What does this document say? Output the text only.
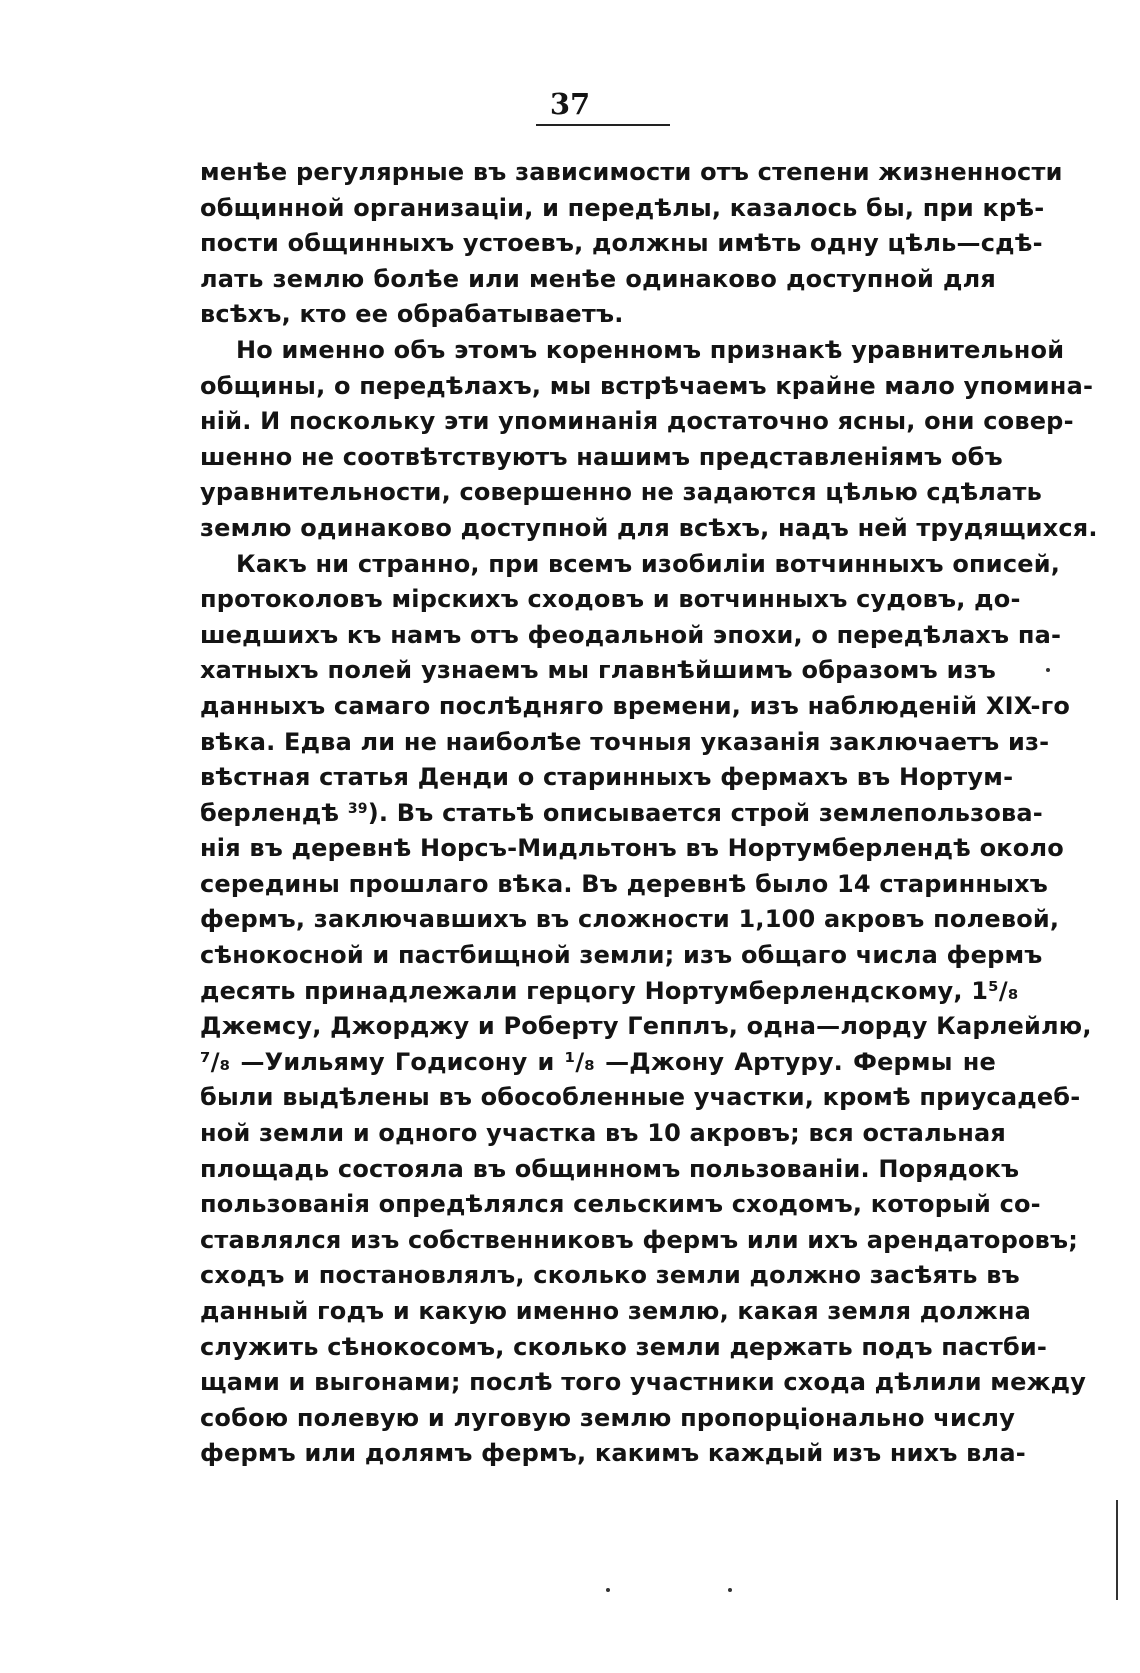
37
менѣе регулярные въ зависимости отъ степени жизненности
общинной организацiи, и передѣлы, казалось бы, при крѣ-
пости общинныхъ устоевъ, должны имѣть одну цѣль—сдѣ-
лать землю болѣе или менѣе одинаково доступной для
всѣхъ, кто ее обрабатываетъ.
Но именно объ этомъ коренномъ признакѣ уравнительной
общины, о передѣлахъ, мы встрѣчаемъ крайне мало упомина-
нiй. И поскольку эти упоминанiя достаточно ясны, они совер-
шенно не соотвѣтствуютъ нашимъ представленiямъ объ
уравнительности, совершенно не задаются цѣлью сдѣлать
землю одинаково доступной для всѣхъ, надъ ней трудящихся.
Какъ ни странно, при всемъ изобилiи вотчинныхъ описей,
протоколовъ мiрскихъ сходовъ и вотчинныхъ судовъ, до-
шедшихъ къ намъ отъ феодальной эпохи, о передѣлахъ па-
хатныхъ полей узнаемъ мы главнѣйшимъ образомъ изъ
данныхъ самаго послѣдняго времени, изъ наблюденiй XIX-го
вѣка. Едва ли не наиболѣе точныя указанiя заключаетъ из-
вѣстная статья Денди о старинныхъ фермахъ въ Нортум-
берлендѣ $^{39}$). Въ статьѣ описывается строй землепользова-
нiя въ деревнѣ Норсъ-Мидльтонъ въ Нортумберлендѣ около
середины прошлаго вѣка. Въ деревнѣ было 14 старинныхъ
фермъ, заключавшихъ въ сложности 1,100 акровъ полевой,
сѣнокосной и пастбищной земли; изъ общаго числа фермъ
десять принадлежали герцогу Нортумберлендскому, 1⁵/₈
Джемсу, Джорджу и Роберту Гепплъ, одна—лорду Карлейлю,
⁷/₈ —Уильяму Годисону и ¹/₈ —Джону Артуру. Фермы не
были выдѣлены въ обособленные участки, кромѣ приусадеб-
ной земли и одного участка въ 10 акровъ; вся остальная
площадь состояла въ общинномъ пользованiи. Порядокъ
пользованiя опредѣлялся сельскимъ сходомъ, который со-
ставлялся изъ собственниковъ фермъ или ихъ арендаторовъ;
сходъ и постановлялъ, сколько земли должно засѣять въ
данный годъ и какую именно землю, какая земля должна
служить сѣнокосомъ, сколько земли держать подъ пастби-
щами и выгонами; послѣ того участники схода дѣлили между
собою полевую и луговую землю пропорцiонально числу
фермъ или долямъ фермъ, какимъ каждый изъ нихъ вла-
